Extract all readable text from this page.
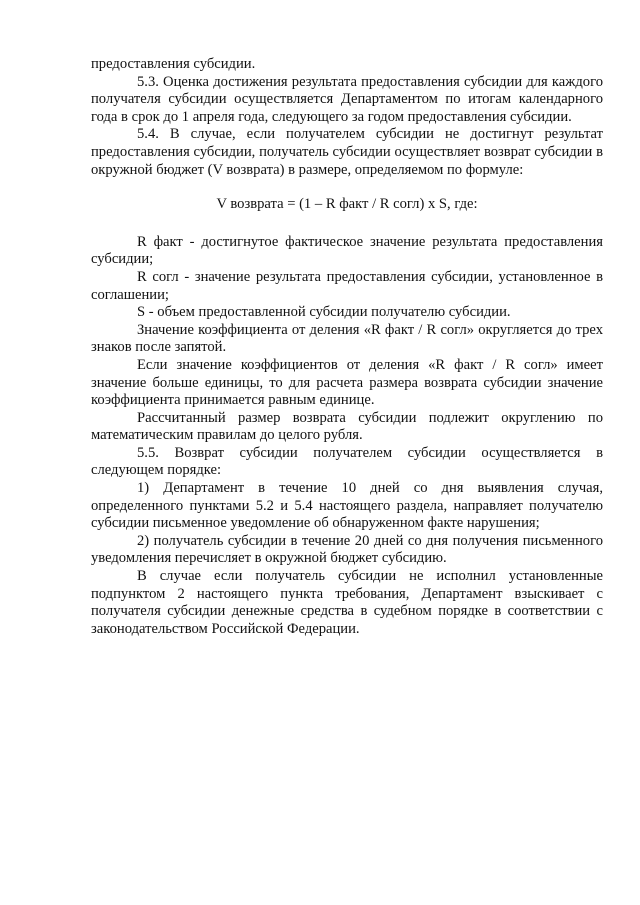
предоставления субсидии.

5.3. Оценка достижения результата предоставления субсидии для каждого получателя субсидии осуществляется Департаментом по итогам календарного года в срок до 1 апреля года, следующего за годом предоставления субсидии.

5.4. В случае, если получателем субсидии не достигнут результат предоставления субсидии, получатель субсидии осуществляет возврат субсидии в окружной бюджет (V возврата) в размере, определяемом по формуле:

V возврата = (1 – R факт / R согл) x S, где:

R факт - достигнутое фактическое значение результата предоставления субсидии;

R согл - значение результата предоставления субсидии, установленное в соглашении;

S - объем предоставленной субсидии получателю субсидии.

Значение коэффициента от деления «R факт / R согл» округляется до трех знаков после запятой.

Если значение коэффициентов от деления «R факт / R согл» имеет значение больше единицы, то для расчета размера возврата субсидии значение коэффициента принимается равным единице.

Рассчитанный размер возврата субсидии подлежит округлению по математическим правилам до целого рубля.

5.5. Возврат субсидии получателем субсидии осуществляется в следующем порядке:

1) Департамент в течение 10 дней со дня выявления случая, определенного пунктами 5.2 и 5.4 настоящего раздела, направляет получателю субсидии письменное уведомление об обнаруженном факте нарушения;

2) получатель субсидии в течение 20 дней со дня получения письменного уведомления перечисляет в окружной бюджет субсидию.

В случае если получатель субсидии не исполнил установленные подпунктом 2 настоящего пункта требования, Департамент взыскивает с получателя субсидии денежные средства в судебном порядке в соответствии с законодательством Российской Федерации.
